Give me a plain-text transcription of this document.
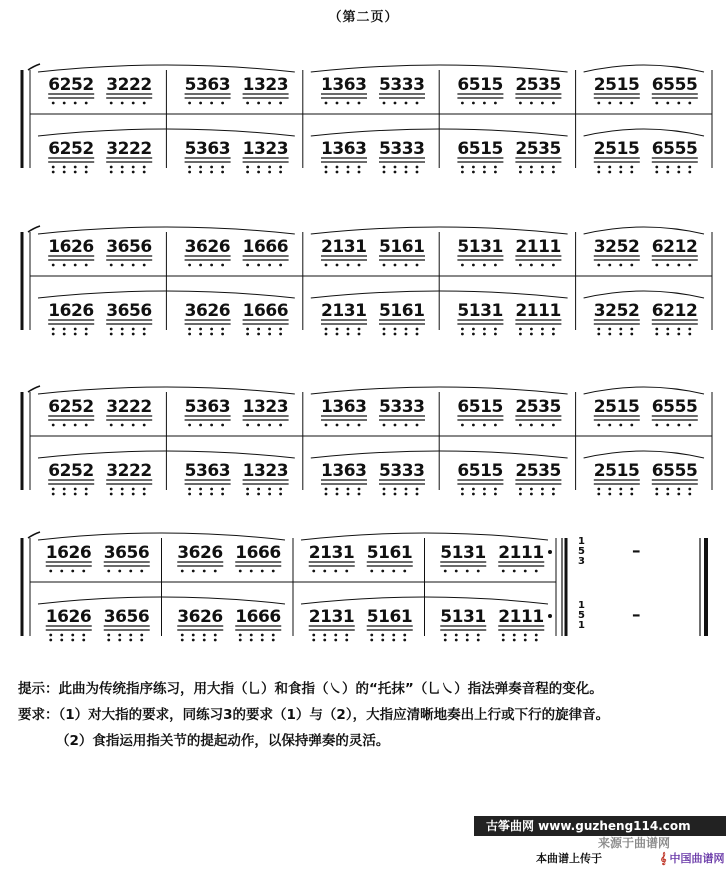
（第二页）
6252 3222
6252 3222
5363 1323
5363 1323
1363 5333
1363 5333
6515 2535
6515 2535
2515 6555
2515 6555
1626 3656
1626 3656
3626 1666
3626 1666
2131 5161
2131 5161
5131 2111
5131 2111
3252 6212
3252 6212
6252 3222
6252 3222
5363 1323
5363 1323
1363 5333
1363 5333
6515 2535
6515 2535
2515 6555
2515 6555
1626 3656
1626 3656
3626 1666
3626 1666
2131 5161
2131 5161
5131 2111
5131 2111
1
5
3
1
5
1
–
–
提示：此曲为传统指序练习，用大指（乚）和食指（㇏）的“托抹”（乚㇏）指法弹奏音程的变化。
要求：（1）对大指的要求，同练习3的要求（1）与（2），大指应清晰地奏出上行或下行的旋律音。
（2）食指运用指关节的提起动作，以保持弹奏的灵活。
古筝曲网 www.guzheng114.com
来源于曲谱网
本曲谱上传于	𝄞 中国曲谱网
